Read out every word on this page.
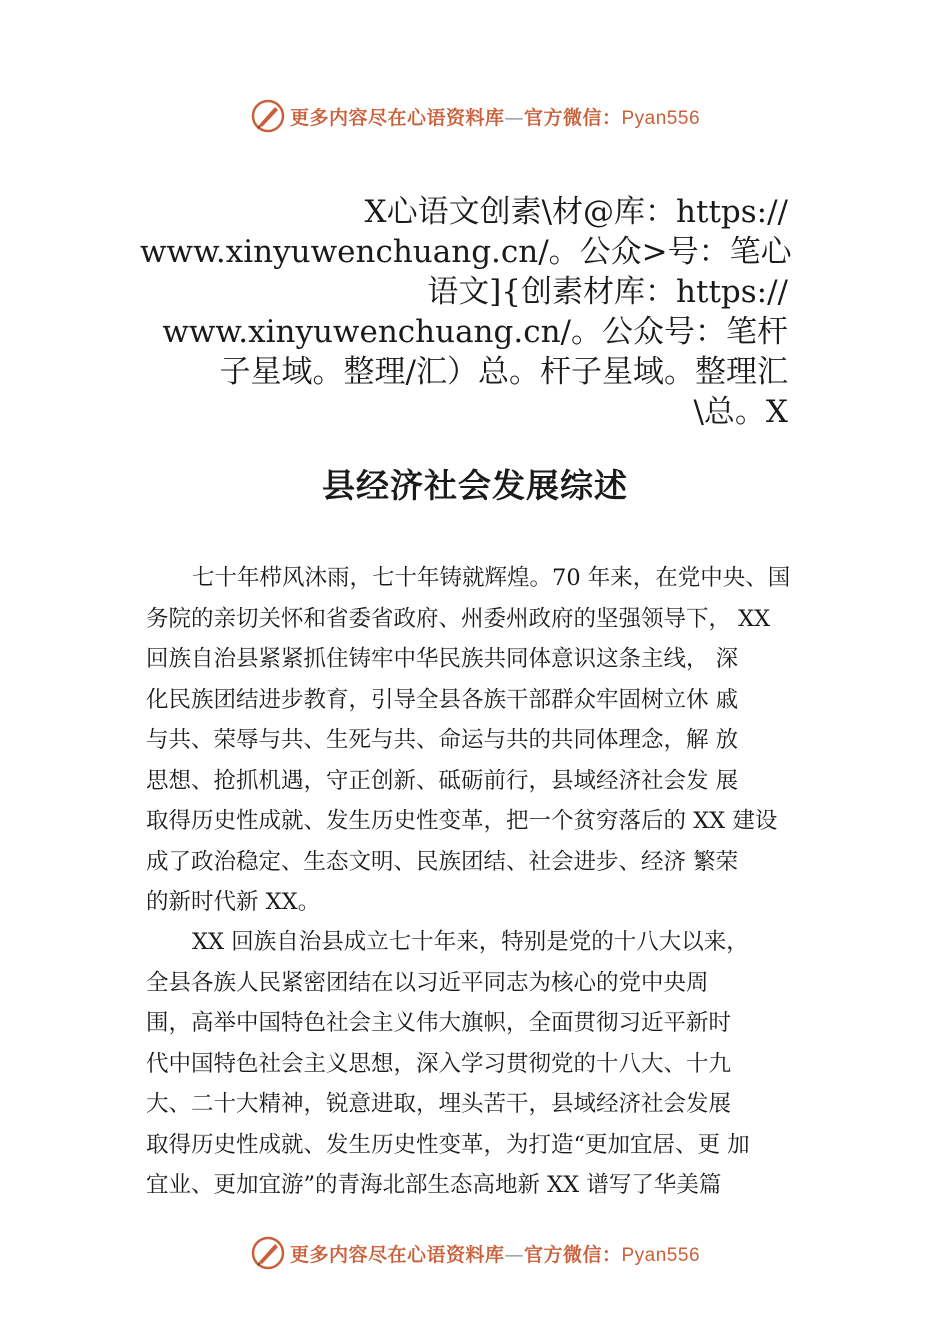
更多内容尽在心语资料库—官方微信：Pyan556
X心语文创素\材@库：https://
www.xinyuwenchuang.cn/。公众>号：笔心
语文]{创素材库：https://
www.xinyuwenchuang.cn/。公众号：笔杆
子星域。整理/汇）总。杆子星域。整理汇
\总。X
县经济社会发展综述
七十年栉风沐雨，七十年铸就辉煌。70 年来，在党中央、国
务院的亲切关怀和省委省政府、州委州政府的坚强领导下， XX
回族自治县紧紧抓住铸牢中华民族共同体意识这条主线， 深
化民族团结进步教育，引导全县各族干部群众牢固树立休 戚
与共、荣辱与共、生死与共、命运与共的共同体理念，解 放
思想、抢抓机遇，守正创新、砥砺前行，县域经济社会发 展
取得历史性成就、发生历史性变革，把一个贫穷落后的 XX 建设
成了政治稳定、生态文明、民族团结、社会进步、经济 繁荣
的新时代新 XX。
XX 回族自治县成立七十年来，特别是党的十八大以来，
全县各族人民紧密团结在以习近平同志为核心的党中央周
围，高举中国特色社会主义伟大旗帜，全面贯彻习近平新时
代中国特色社会主义思想，深入学习贯彻党的十八大、十九
大、二十大精神，锐意进取，埋头苦干，县域经济社会发展
取得历史性成就、发生历史性变革，为打造“更加宜居、更 加
宜业、更加宜游”的青海北部生态高地新 XX 谱写了华美篇
更多内容尽在心语资料库—官方微信：Pyan556
